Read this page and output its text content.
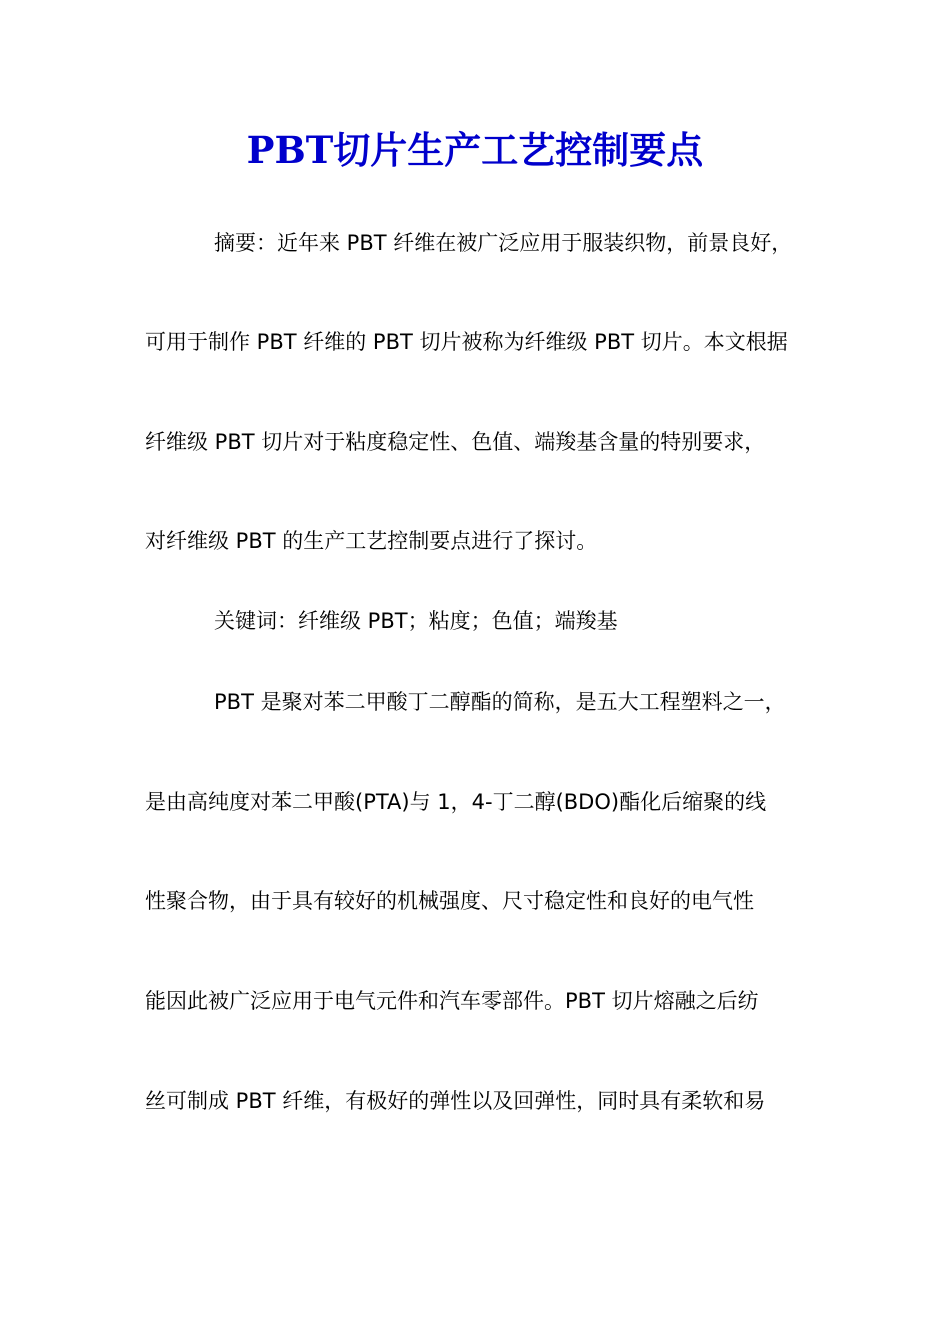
PBT切片生产工艺控制要点
摘要：近年来 PBT 纤维在被广泛应用于服装织物，前景良好，
可用于制作 PBT 纤维的 PBT 切片被称为纤维级 PBT 切片。本文根据
纤维级 PBT 切片对于粘度稳定性、色值、端羧基含量的特别要求，
对纤维级 PBT 的生产工艺控制要点进行了探讨。
关键词：纤维级 PBT；粘度；色值；端羧基
PBT 是聚对苯二甲酸丁二醇酯的简称，是五大工程塑料之一，
是由高纯度对苯二甲酸(PTA)与 1，4-丁二醇(BDO)酯化后缩聚的线
性聚合物，由于具有较好的机械强度、尺寸稳定性和良好的电气性
能因此被广泛应用于电气元件和汽车零部件。PBT 切片熔融之后纺
丝可制成 PBT 纤维，有极好的弹性以及回弹性，同时具有柔软和易
